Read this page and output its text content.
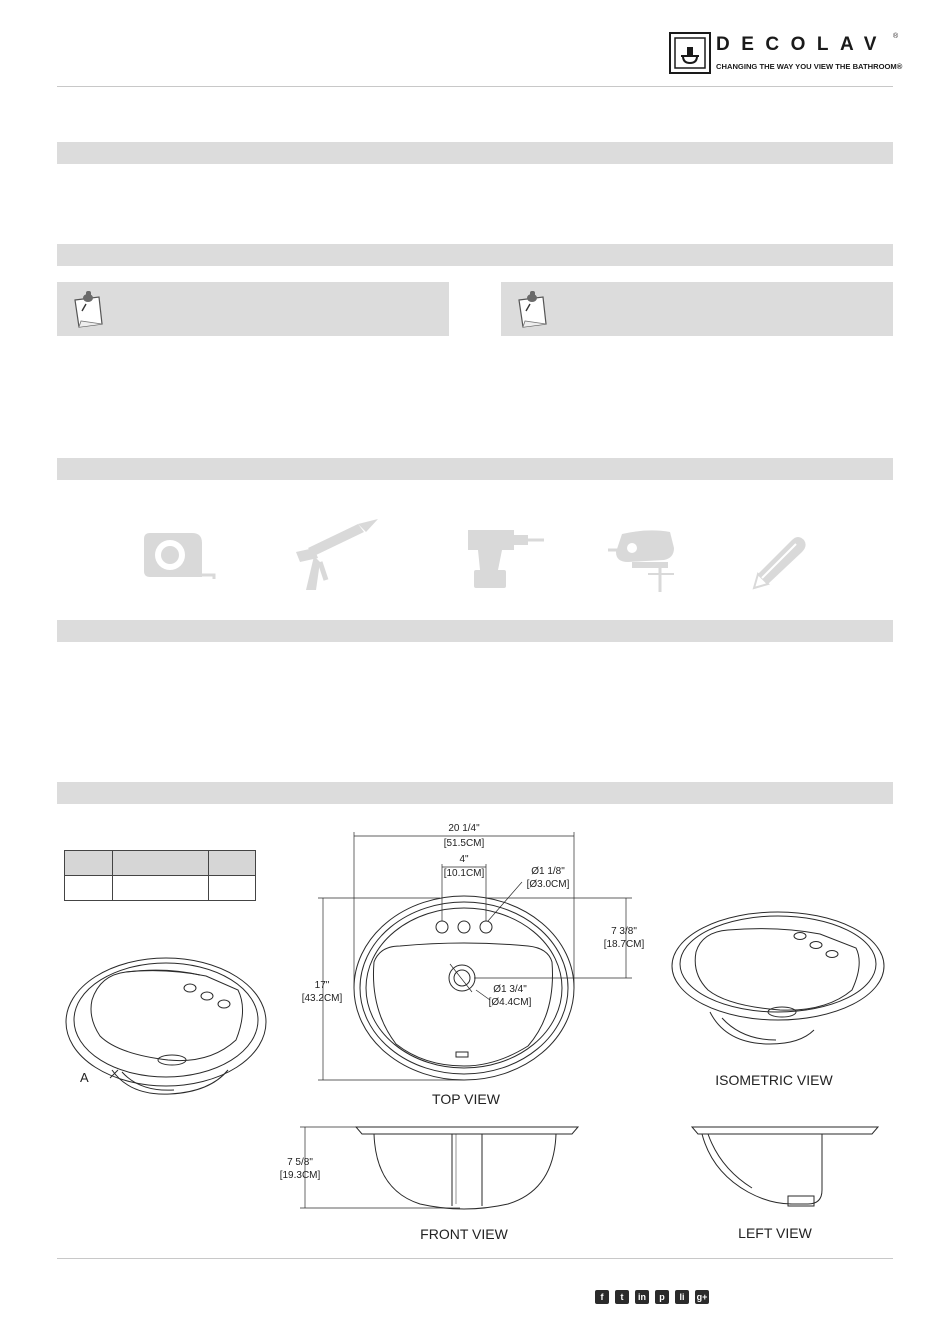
DECOLAV ®
CHANGING THE WAY YOU VIEW THE BATHROOM®

A
20 1/4"
[51.5CM]
4"
[10.1CM]	Ø1 1/8"
[Ø3.0CM]
7 3/8"
[18.7CM]
17"
[43.2CM]
Ø1 3/4"
[Ø4.4CM]
TOP VIEW
ISOMETRIC VIEW
7 5/8"
[19.3CM]
FRONT VIEW	LEFT VIEW
f	t	in	p	li	g+
